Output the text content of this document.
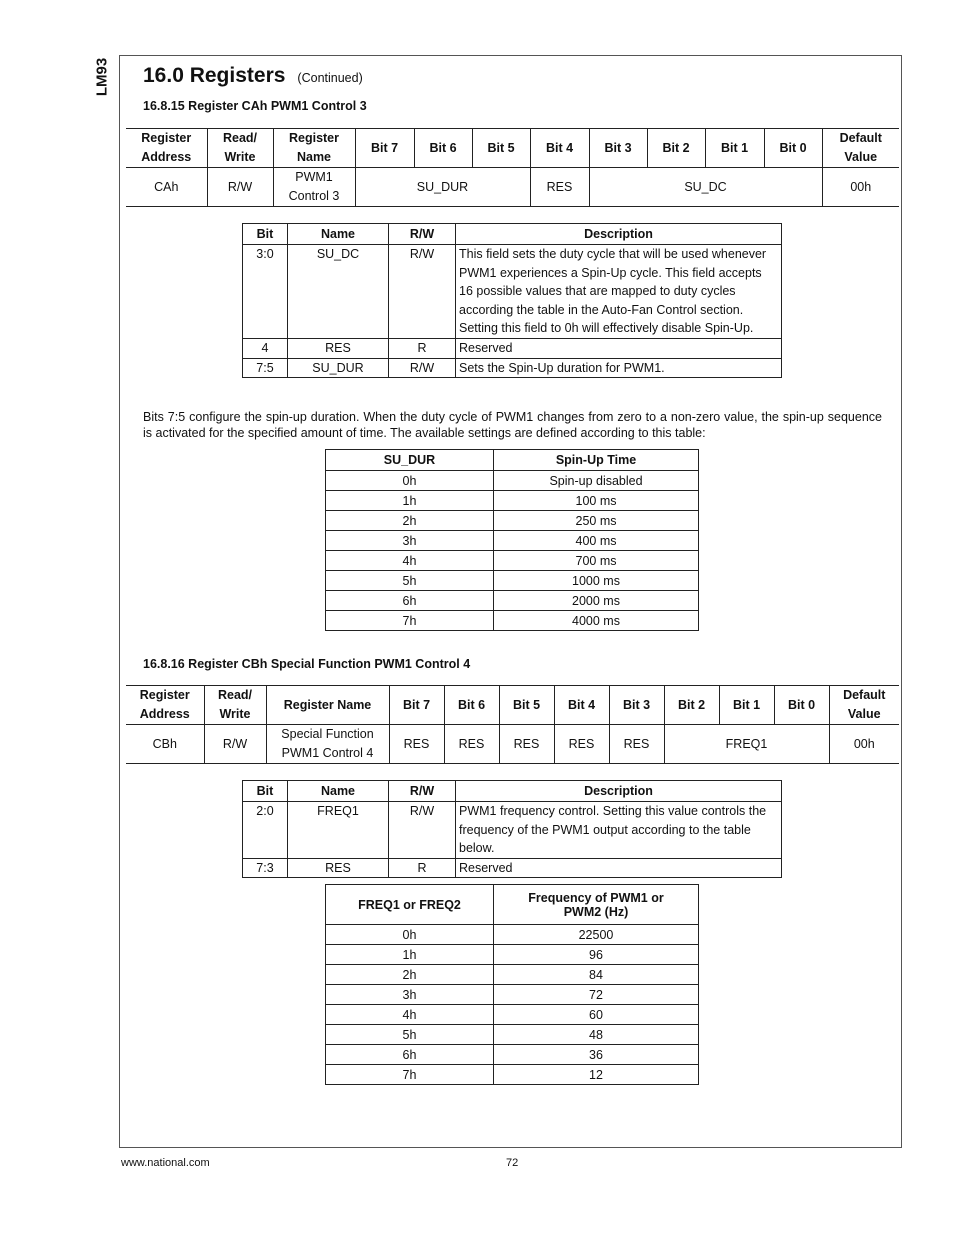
LM93 16.0 Registers (Continued)
16.8.15 Register CAh PWM1 Control 3
Register Address	Read/ Write	Register Name	Bit 7	Bit 6	Bit 5	Bit 4	Bit 3	Bit 2	Bit 1	Bit 0	Default Value
CAh	R/W	PWM1 Control 3	SU_DUR			RES	SU_DC				00h
Bit	Name	R/W	Description
3:0	SU_DC	R/W	This field sets the duty cycle that will be used whenever PWM1 experiences a Spin-Up cycle. This field accepts 16 possible values that are mapped to duty cycles according the table in the Auto-Fan Control section. Setting this field to 0h will effectively disable Spin-Up.
4	RES	R	Reserved
7:5	SU_DUR	R/W	Sets the Spin-Up duration for PWM1.
Bits 7:5 configure the spin-up duration. When the duty cycle of PWM1 changes from zero to a non-zero value, the spin-up sequence is activated for the specified amount of time. The available settings are defined according to this table:
SU_DUR	Spin-Up Time
0h	Spin-up disabled
1h	100 ms
2h	250 ms
3h	400 ms
4h	700 ms
5h	1000 ms
6h	2000 ms
7h	4000 ms
16.8.16 Register CBh Special Function PWM1 Control 4
Register Address	Read/ Write	Register Name	Bit 7	Bit 6	Bit 5	Bit 4	Bit 3	Bit 2	Bit 1	Bit 0	Default Value
CBh	R/W	Special Function PWM1 Control 4	RES	RES	RES	RES	RES	FREQ1			00h
Bit	Name	R/W	Description
2:0	FREQ1	R/W	PWM1 frequency control. Setting this value controls the frequency of the PWM1 output according to the table below.
7:3	RES	R	Reserved
FREQ1 or FREQ2	Frequency of PWM1 or PWM2 (Hz)
0h	22500
1h	96
2h	84
3h	72
4h	60
5h	48
6h	36
7h	12
www.national.com	72
